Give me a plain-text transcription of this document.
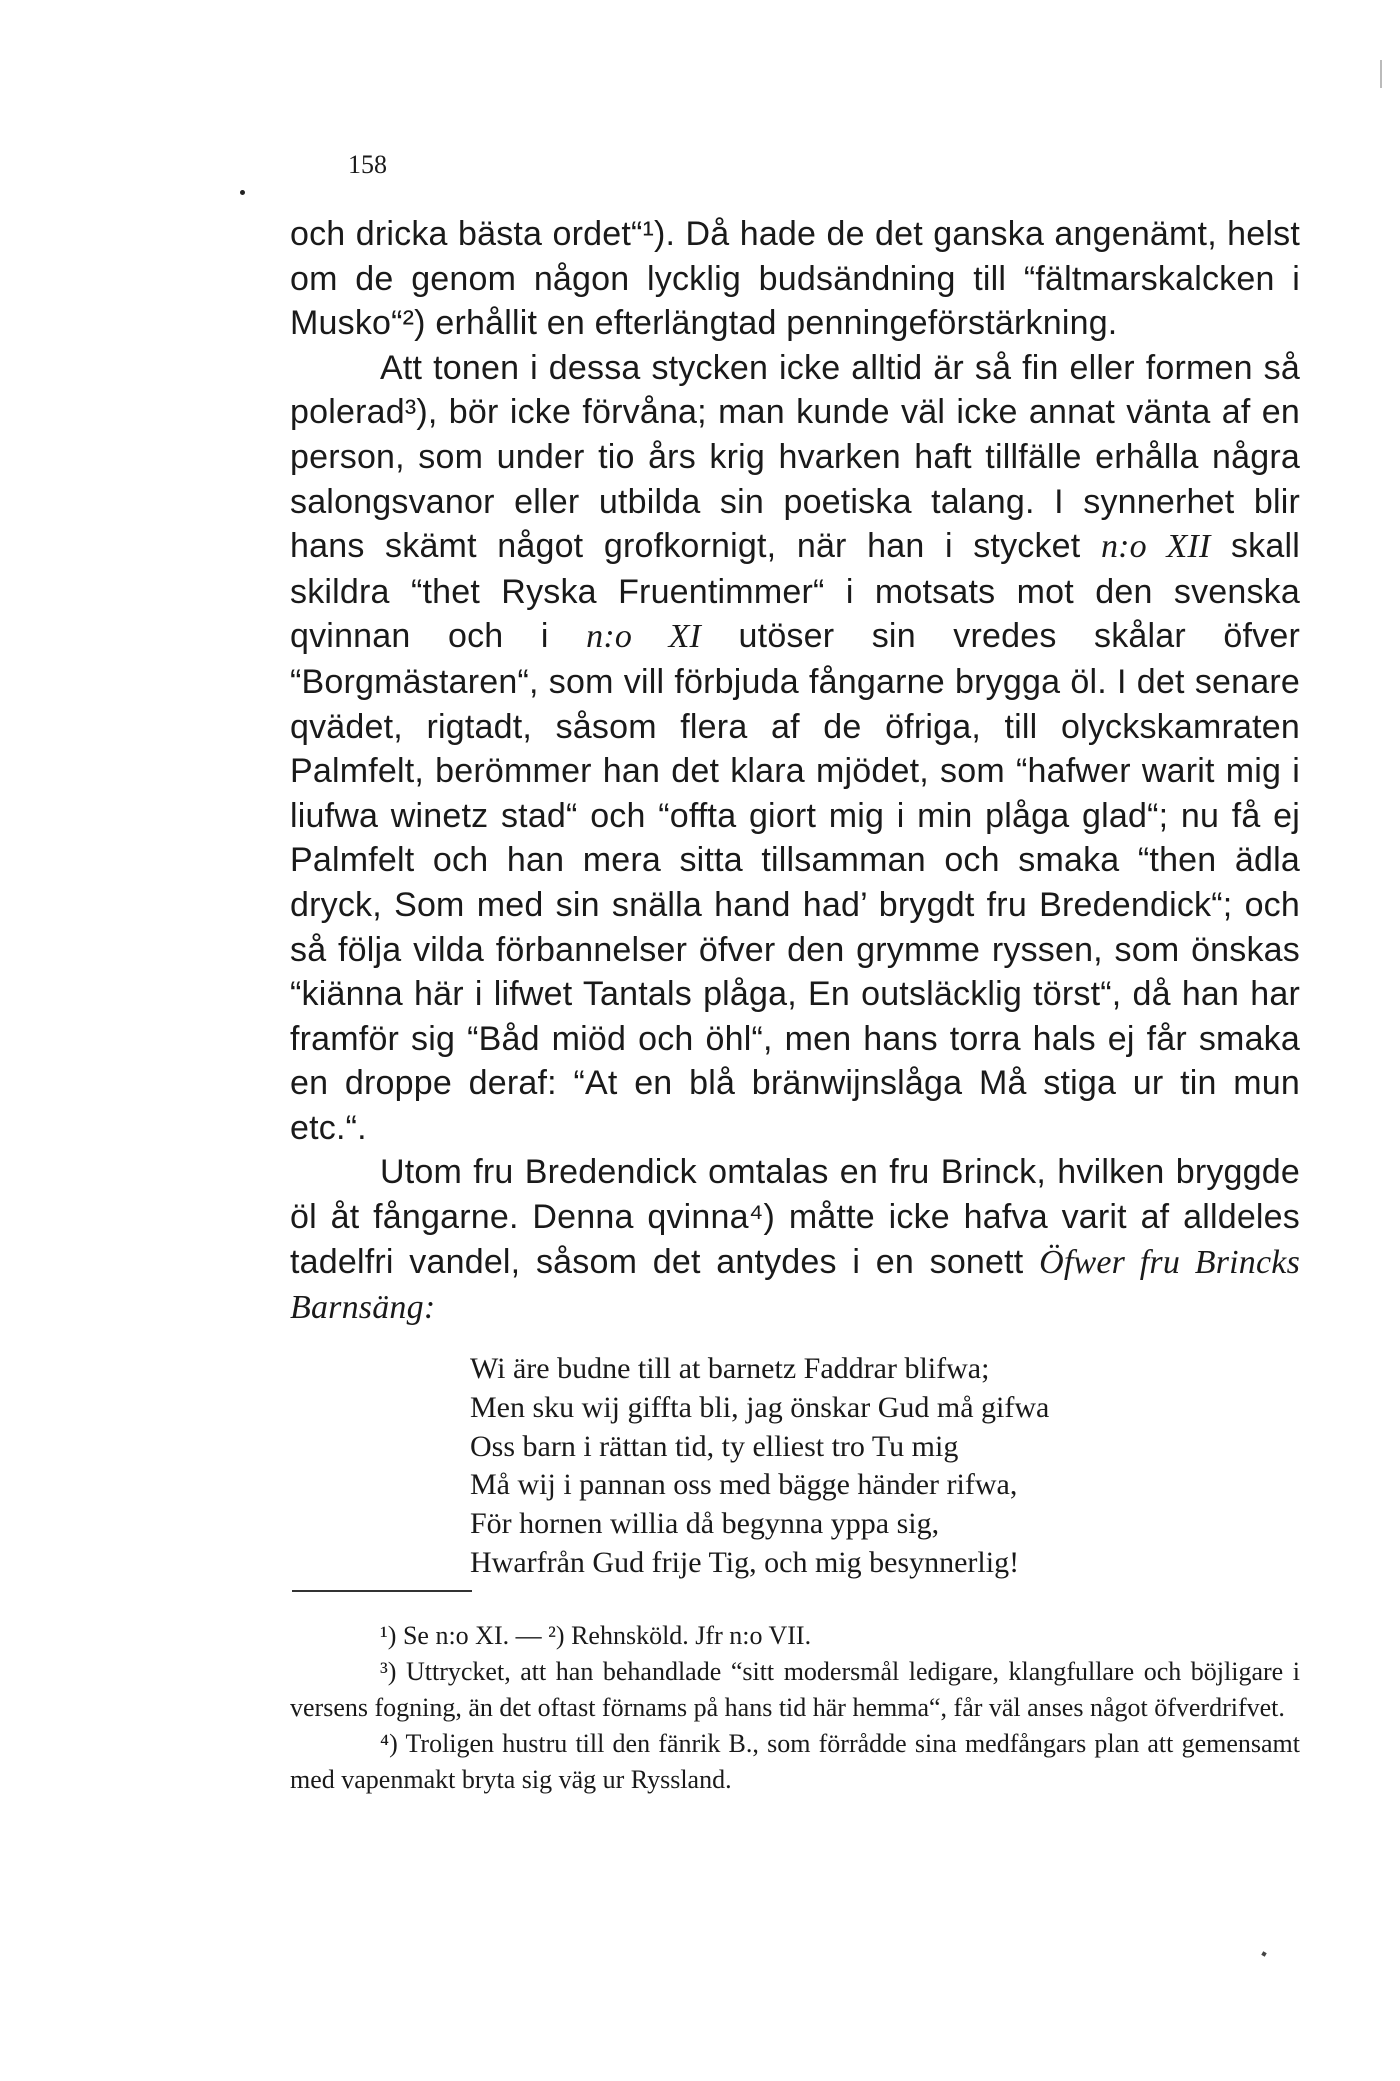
158

och dricka bästa ordet“¹). Då hade de det ganska angenämt, helst om de genom någon lycklig budsändning till “fältmarskalcken i Musko“²) erhållit en efterlängtad penningeförstärkning.

Att tonen i dessa stycken icke alltid är så fin eller formen så polerad³), bör icke förvåna; man kunde väl icke annat vänta af en person, som under tio års krig hvarken haft tillfälle erhålla några salongsvanor eller utbilda sin poetiska talang. I synnerhet blir hans skämt något grofkornigt, när han i stycket n:o XII skall skildra “thet Ryska Fruentimmer“ i motsats mot den svenska qvinnan och i n:o XI utöser sin vredes skålar öfver “Borgmästaren“, som vill förbjuda fångarne brygga öl. I det senare qvädet, rigtadt, såsom flera af de öfriga, till olyckskamraten Palmfelt, berömmer han det klara mjödet, som “hafwer warit mig i liufwa winetz stad“ och “offta giort mig i min plåga glad“; nu få ej Palmfelt och han mera sitta tillsamman och smaka “then ädla dryck, Som med sin snälla hand had’ brygdt fru Bredendick“; och så följa vilda förbannelser öfver den grymme ryssen, som önskas “kiänna här i lifwet Tantals plåga, En outsläcklig törst“, då han har framför sig “Båd miöd och öhl“, men hans torra hals ej får smaka en droppe deraf: “At en blå bränwijnslåga Må stiga ur tin mun etc.“.

Utom fru Bredendick omtalas en fru Brinck, hvilken bryggde öl åt fångarne. Denna qvinna⁴) måtte icke hafva varit af alldeles tadelfri vandel, såsom det antydes i en sonett Öfwer fru Brincks Barnsäng:

Wi äre budne till at barnetz Faddrar blifwa;
Men sku wij giffta bli, jag önskar Gud må gifwa
Oss barn i rättan tid, ty elliest tro Tu mig
Må wij i pannan oss med bägge händer rifwa,
För hornen willia då begynna yppa sig,
Hwarfrån Gud frije Tig, och mig besynnerlig!

¹) Se n:o XI. — ²) Rehnsköld. Jfr n:o VII.

³) Uttrycket, att han behandlade “sitt modersmål ledigare, klangfullare och böjligare i versens fogning, än det oftast förnams på hans tid här hemma“, får väl anses något öfverdrifvet.

⁴) Troligen hustru till den fänrik B., som förrådde sina medfångars plan att gemensamt med vapenmakt bryta sig väg ur Ryssland.
